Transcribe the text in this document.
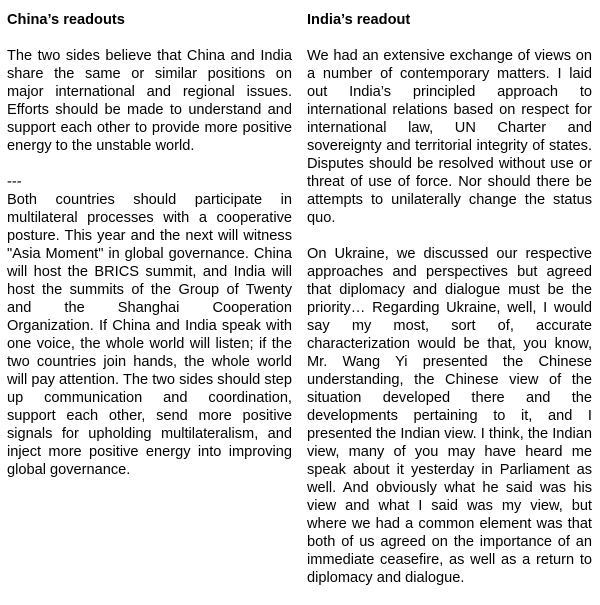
China’s readouts
The two sides believe that China and India share the same or similar positions on major international and regional issues. Efforts should be made to understand and support each other to provide more positive energy to the unstable world.
---
Both countries should participate in multilateral processes with a cooperative posture. This year and the next will witness "Asia Moment" in global governance. China will host the BRICS summit, and India will host the summits of the Group of Twenty and the Shanghai Cooperation Organization. If China and India speak with one voice, the whole world will listen; if the two countries join hands, the whole world will pay attention. The two sides should step up communication and coordination, support each other, send more positive signals for upholding multilateralism, and inject more positive energy into improving global governance.
India’s readout
We had an extensive exchange of views on a number of contemporary matters. I laid out India’s principled approach to international relations based on respect for international law, UN Charter and sovereignty and territorial integrity of states. Disputes should be resolved without use or threat of use of force. Nor should there be attempts to unilaterally change the status quo.
On Ukraine, we discussed our respective approaches and perspectives but agreed that diplomacy and dialogue must be the priority… Regarding Ukraine, well, I would say my most, sort of, accurate characterization would be that, you know, Mr. Wang Yi presented the Chinese understanding, the Chinese view of the situation developed there and the developments pertaining to it, and I presented the Indian view. I think, the Indian view, many of you may have heard me speak about it yesterday in Parliament as well. And obviously what he said was his view and what I said was my view, but where we had a common element was that both of us agreed on the importance of an immediate ceasefire, as well as a return to diplomacy and dialogue.
